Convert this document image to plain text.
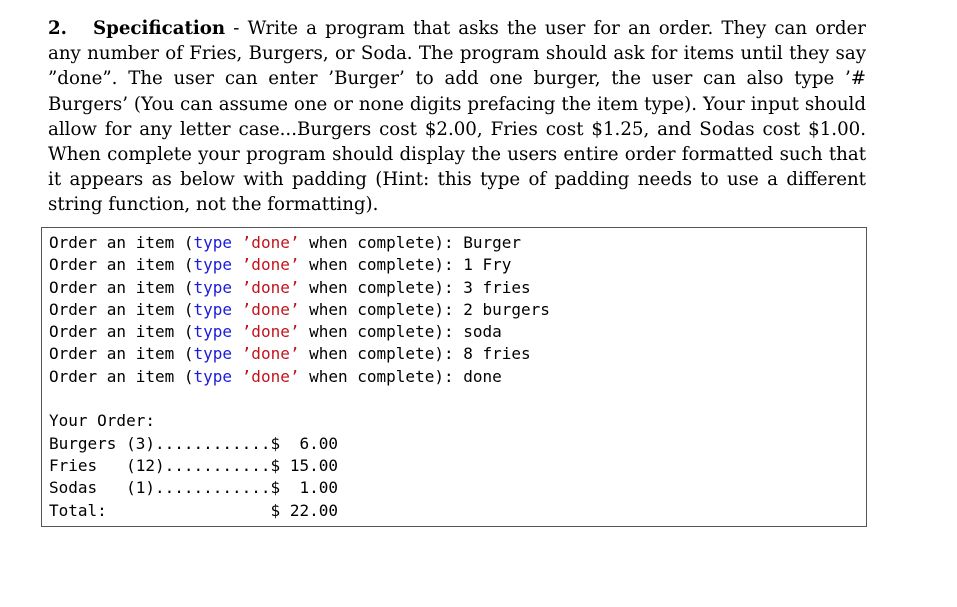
2. Specification - Write a program that asks the user for an order. They can order any number of Fries, Burgers, or Soda. The program should ask for items until they say ”done”. The user can enter ’Burger’ to add one burger, the user can also type ’# Burgers’ (You can assume one or none digits prefacing the item type). Your input should allow for any letter case...Burgers cost $2.00, Fries cost $1.25, and Sodas cost $1.00. When complete your program should display the users entire order formatted such that it appears as below with padding (Hint: this type of padding needs to use a different string function, not the formatting).

Order an item (type ’done’ when complete): Burger
Order an item (type ’done’ when complete): 1 Fry
Order an item (type ’done’ when complete): 3 fries
Order an item (type ’done’ when complete): 2 burgers
Order an item (type ’done’ when complete): soda
Order an item (type ’done’ when complete): 8 fries
Order an item (type ’done’ when complete): done
Your Order:
Burgers (3)............$  6.00
Fries   (12)...........$ 15.00
Sodas   (1)............$  1.00
Total:                 $ 22.00
